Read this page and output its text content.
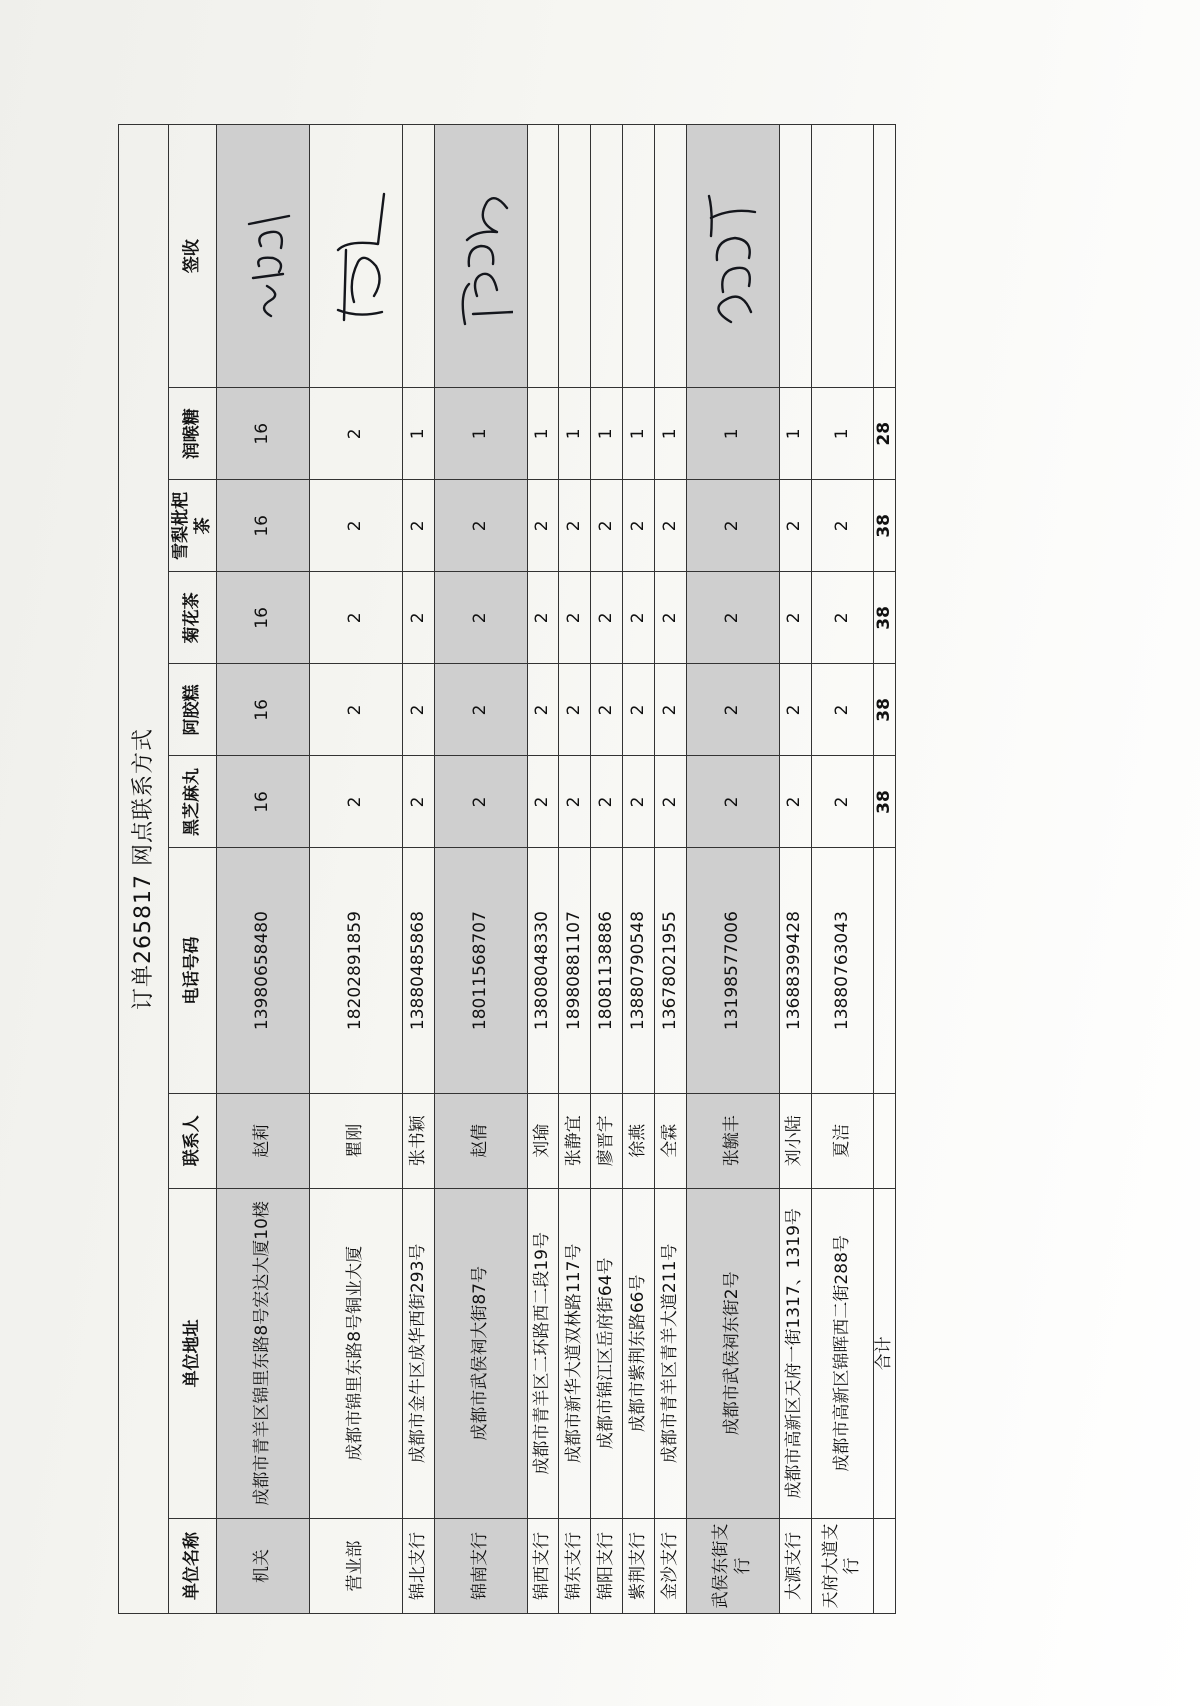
订单265817 网点联系方式
单位名称	单位地址	联系人	电话号码	黑芝麻丸	阿胶糕	菊花茶	雪梨枇杷茶	润喉糖	签收
机关	成都市青羊区锦里东路8号宏达大厦10楼	赵莉	13980658480	16	16	16	16	16	

营业部	成都市锦里东路8号铜业大厦	瞿刚	18202891859	2	2	2	2	2	

锦北支行	成都市金牛区成华西街293号	张书颖	13880485868	2	2	2	2	1	
锦南支行	成都市武侯祠大街87号	赵倩	18011568707	2	2	2	2	1	

锦西支行	成都市青羊区二环路西二段19号	刘瑜	13808048330	2	2	2	2	1	
锦东支行	成都市新华大道双林路117号	张静宜	18980881107	2	2	2	2	1	
锦阳支行	成都市锦江区岳府街64号	廖晋宇	18081138886	2	2	2	2	1	
紫荆支行	成都市紫荆东路66号	徐燕	13880790548	2	2	2	2	1	
金沙支行	成都市青羊区青羊大道211号	全霖	13678021955	2	2	2	2	1	
武侯东街支行	成都市武侯祠东街2号	张毓丰	13198577006	2	2	2	2	1	

大源支行	成都市高新区天府一街1317、1319号	刘小陆	13688399428	2	2	2	2	1	
天府大道支行	成都市高新区锦晖西二街288号	夏洁	13880763043	2	2	2	2	1	
	合计			38	38	38	38	28	
